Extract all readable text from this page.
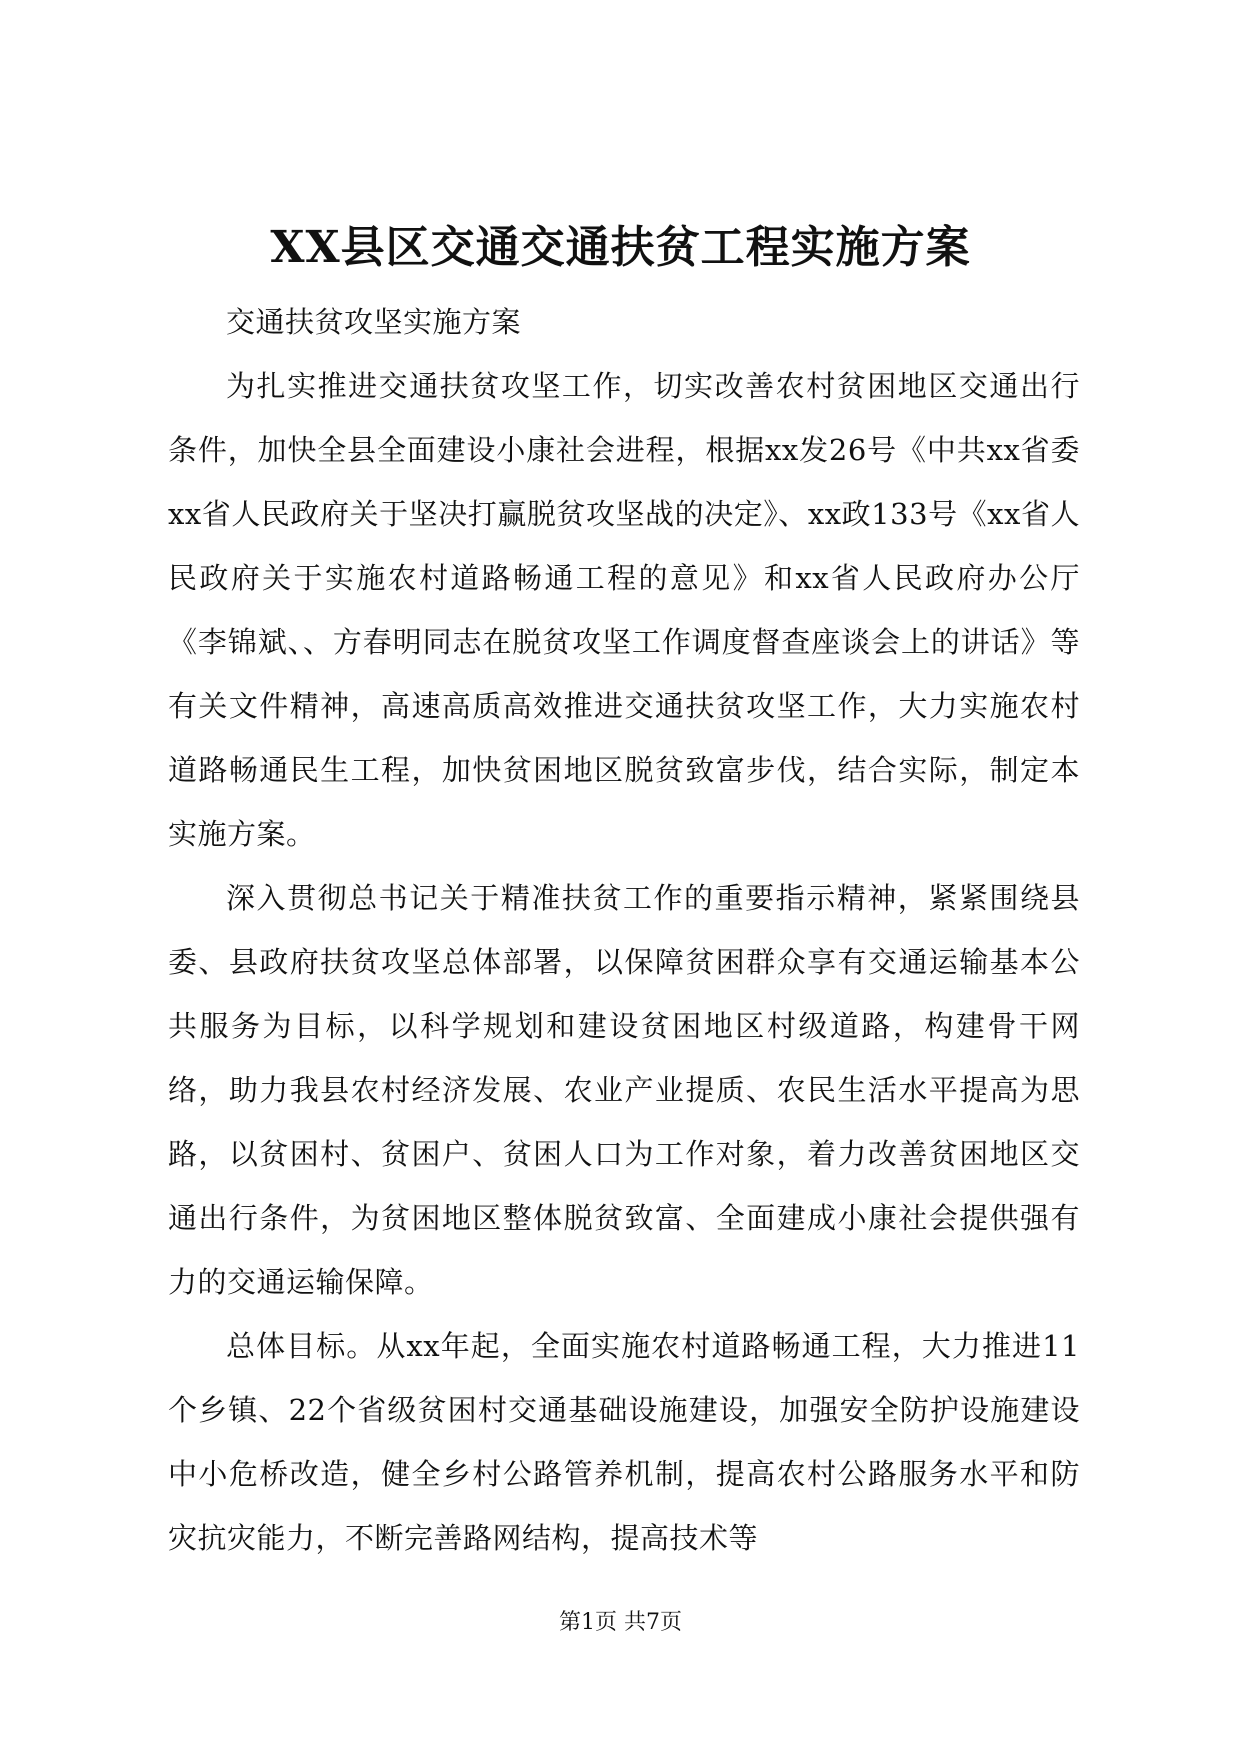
XX县区交通交通扶贫工程实施方案

交通扶贫攻坚实施方案

为扎实推进交通扶贫攻坚工作，切实改善农村贫困地区交通出行条件，加快全县全面建设小康社会进程，根据xx发26号《中共xx省委xx省人民政府关于坚决打赢脱贫攻坚战的决定》、xx政133号《xx省人民政府关于实施农村道路畅通工程的意见》和xx省人民政府办公厅《李锦斌、、方春明同志在脱贫攻坚工作调度督查座谈会上的讲话》等有关文件精神，高速高质高效推进交通扶贫攻坚工作，大力实施农村道路畅通民生工程，加快贫困地区脱贫致富步伐，结合实际，制定本实施方案。

深入贯彻总书记关于精准扶贫工作的重要指示精神，紧紧围绕县委、县政府扶贫攻坚总体部署，以保障贫困群众享有交通运输基本公共服务为目标，以科学规划和建设贫困地区村级道路，构建骨干网络，助力我县农村经济发展、农业产业提质、农民生活水平提高为思路，以贫困村、贫困户、贫困人口为工作对象，着力改善贫困地区交通出行条件，为贫困地区整体脱贫致富、全面建成小康社会提供强有力的交通运输保障。

总体目标。从xx年起，全面实施农村道路畅通工程，大力推进11个乡镇、22个省级贫困村交通基础设施建设，加强安全防护设施建设中小危桥改造，健全乡村公路管养机制，提高农村公路服务水平和防灾抗灾能力，不断完善路网结构，提高技术等

第1页 共7页
